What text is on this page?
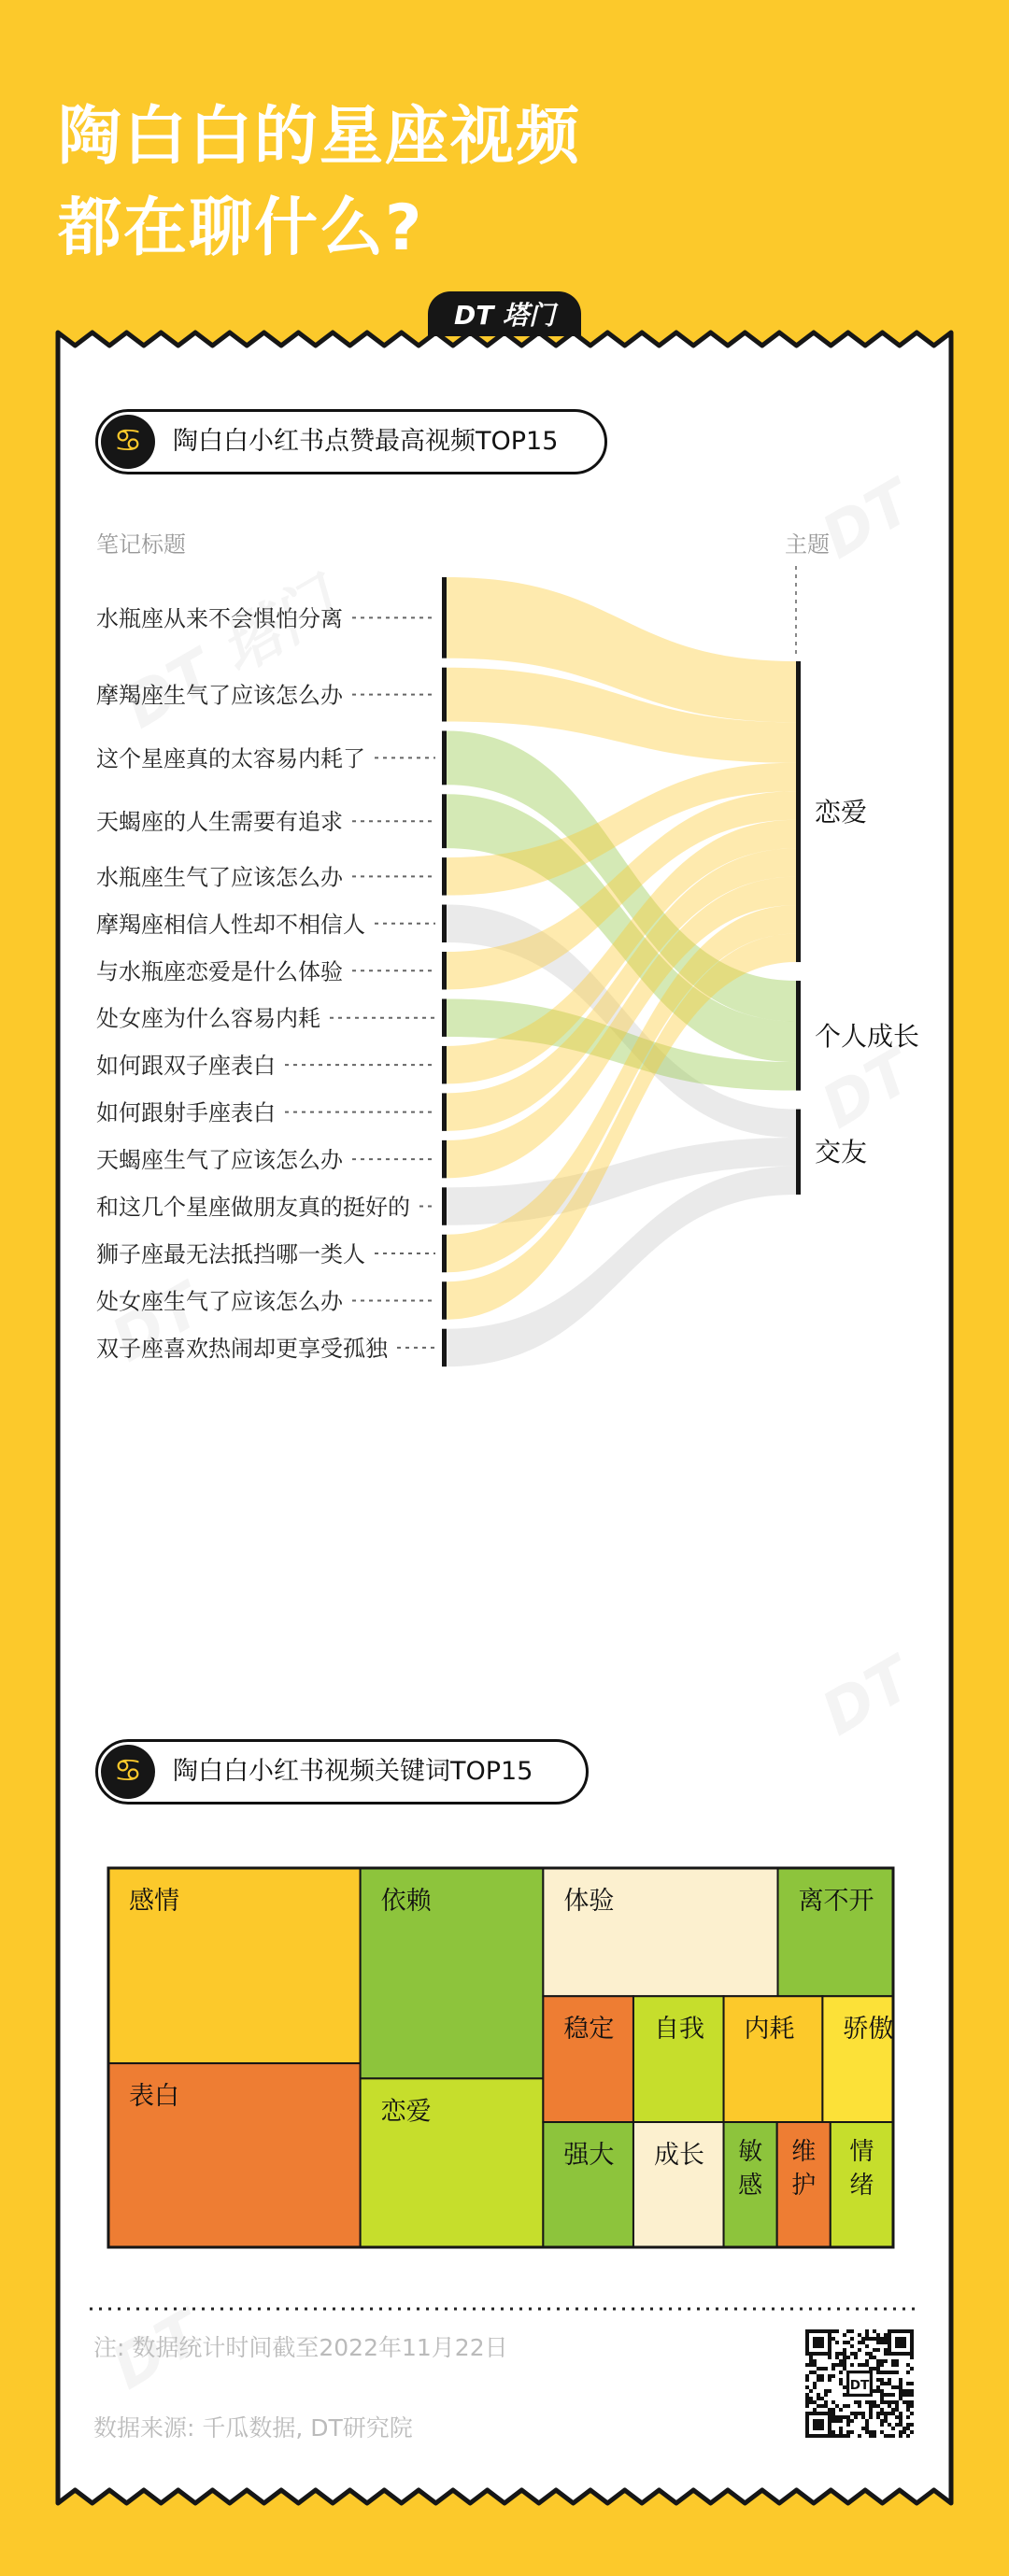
陶白白的星座视频
都在聊什么?
DT 塔门
♋	陶白白小红书点赞最高视频TOP15
笔记标题	主题
水瓶座从来不会惧怕分离
摩羯座生气了应该怎么办
这个星座真的太容易内耗了
天蝎座的人生需要有追求
水瓶座生气了应该怎么办
摩羯座相信人性却不相信人
与水瓶座恋爱是什么体验
处女座为什么容易内耗
如何跟双子座表白
如何跟射手座表白
天蝎座生气了应该怎么办
和这几个星座做朋友真的挺好的
狮子座最无法抵挡哪一类人
处女座生气了应该怎么办
双子座喜欢热闹却更享受孤独
恋爱
个人成长
交友
♋	陶白白小红书视频关键词TOP15
感情
表白
依赖
恋爱
体验	离不开
稳定 自我 内耗 骄傲
强大 成长 敏
感
维
护
情
绪
注: 数据统计时间截至2022年11月22日
数据来源: 千瓜数据, DT研究院
DT
